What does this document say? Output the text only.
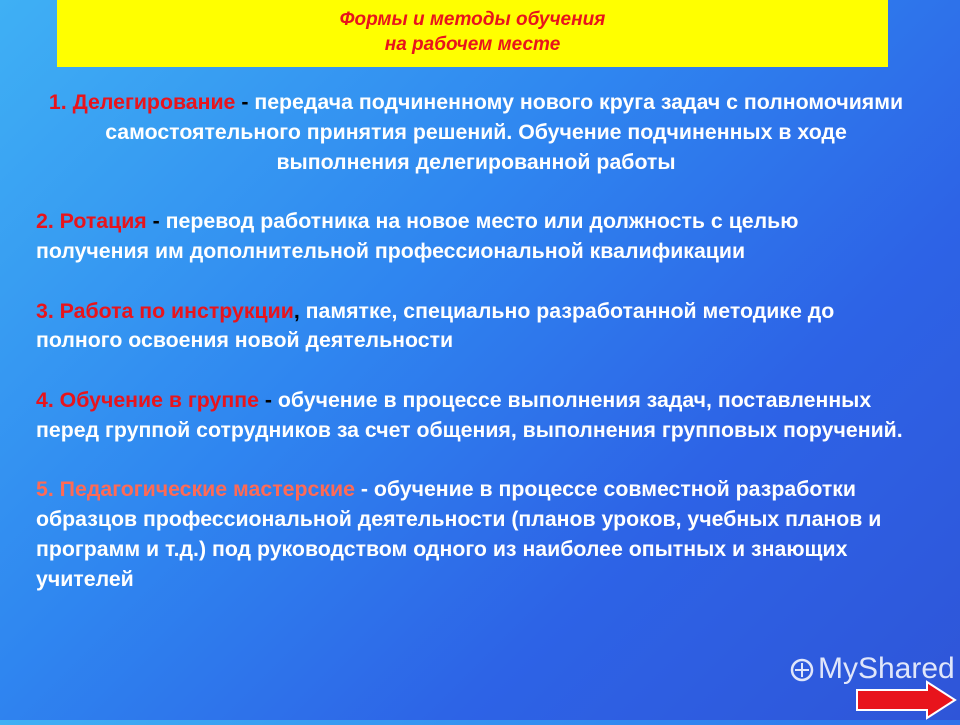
Формы и методы обучения
на рабочем месте

1. Делегирование - передача подчиненному нового круга задач с полномочиями самостоятельного принятия решений. Обучение подчиненных в ходе выполнения делегированной работы

2. Ротация - перевод работника на новое место или должность с целью получения им дополнительной профессиональной квалификации

3. Работа по инструкции, памятке, специально разработанной методике до полного освоения новой деятельности

4. Обучение в группе - обучение в процессе выполнения задач, поставленных перед группой сотрудников за счет общения, выполнения групповых поручений.

5. Педагогические мастерские - обучение в процессе совместной разработки образцов профессиональной деятельности (планов уроков, учебных планов и программ и т.д.) под руководством одного из наиболее опытных и знающих учителей

MyShared
